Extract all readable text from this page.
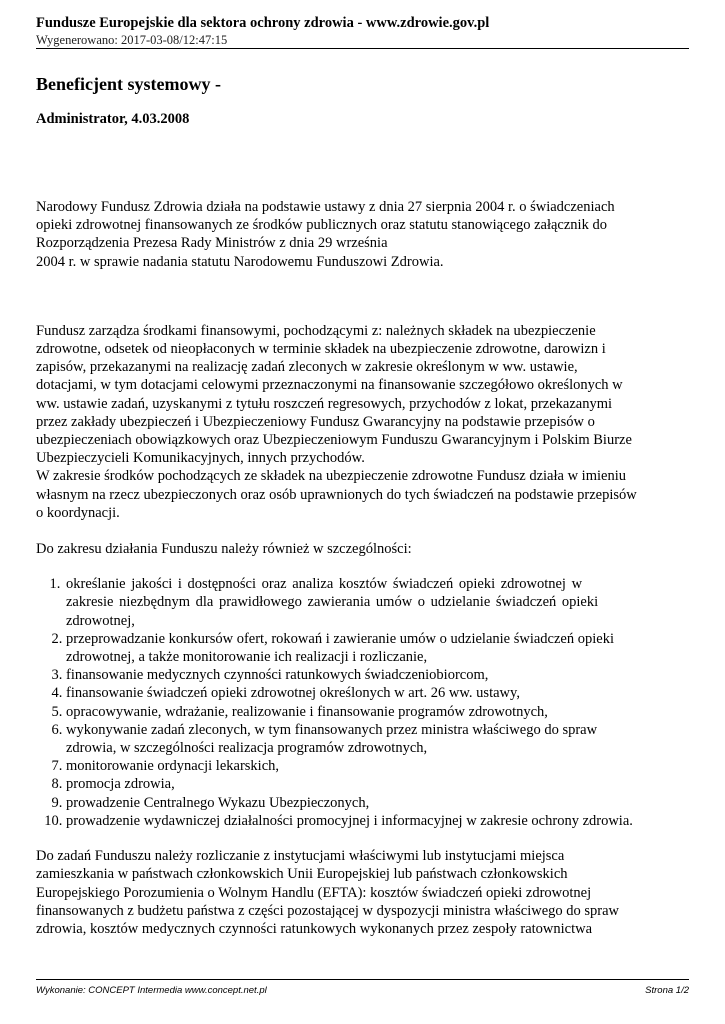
Fundusze Europejskie dla sektora ochrony zdrowia - www.zdrowie.gov.pl
Wygenerowano: 2017-03-08/12:47:15
Beneficjent systemowy -

Administrator, 4.03.2008

Narodowy Fundusz Zdrowia działa na podstawie ustawy z dnia 27 sierpnia 2004 r. o świadczeniach
opieki zdrowotnej finansowanych ze środków publicznych oraz statutu stanowiącego załącznik do
Rozporządzenia Prezesa Rady Ministrów z dnia 29 września
2004 r. w sprawie nadania statutu Narodowemu Funduszowi Zdrowia.

Fundusz zarządza środkami finansowymi, pochodzącymi z: należnych składek na ubezpieczenie
zdrowotne, odsetek od nieopłaconych w terminie składek na ubezpieczenie zdrowotne, darowizn i
zapisów, przekazanymi na realizację zadań zleconych w zakresie określonym w ww. ustawie,
dotacjami, w tym dotacjami celowymi przeznaczonymi na finansowanie szczegółowo określonych w
ww. ustawie zadań, uzyskanymi z tytułu roszczeń regresowych, przychodów z lokat, przekazanymi
przez zakłady ubezpieczeń i Ubezpieczeniowy Fundusz Gwarancyjny na podstawie przepisów o
ubezpieczeniach obowiązkowych oraz Ubezpieczeniowym Funduszu Gwarancyjnym i Polskim Biurze
Ubezpieczycieli Komunikacyjnych, innych przychodów.
W zakresie środków pochodzących ze składek na ubezpieczenie zdrowotne Fundusz działa w imieniu
własnym na rzecz ubezpieczonych oraz osób uprawnionych do tych świadczeń na podstawie przepisów
o koordynacji.

Do zakresu działania Funduszu należy również w szczególności:

1. określanie jakości i dostępności oraz analiza kosztów świadczeń opieki zdrowotnej w
zakresie niezbędnym dla prawidłowego zawierania umów o udzielanie świadczeń opieki
zdrowotnej,
2. przeprowadzanie konkursów ofert, rokowań i zawieranie umów o udzielanie świadczeń opieki
zdrowotnej, a także monitorowanie ich realizacji i rozliczanie,
3. finansowanie medycznych czynności ratunkowych świadczeniobiorcom,
4. finansowanie świadczeń opieki zdrowotnej określonych w art. 26 ww. ustawy,
5. opracowywanie, wdrażanie, realizowanie i finansowanie programów zdrowotnych,
6. wykonywanie zadań zleconych, w tym finansowanych przez ministra właściwego do spraw
zdrowia, w szczególności realizacja programów zdrowotnych,
7. monitorowanie ordynacji lekarskich,
8. promocja zdrowia,
9. prowadzenie Centralnego Wykazu Ubezpieczonych,
10. prowadzenie wydawniczej działalności promocyjnej i informacyjnej w zakresie ochrony zdrowia.

Do zadań Funduszu należy rozliczanie z instytucjami właściwymi lub instytucjami miejsca
zamieszkania w państwach członkowskich Unii Europejskiej lub państwach członkowskich
Europejskiego Porozumienia o Wolnym Handlu (EFTA): kosztów świadczeń opieki zdrowotnej
finansowanych z budżetu państwa z części pozostającej w dyspozycji ministra właściwego do spraw
zdrowia, kosztów medycznych czynności ratunkowych wykonanych przez zespoły ratownictwa

Wykonanie: CONCEPT Intermedia www.concept.net.pl	Strona 1/2
